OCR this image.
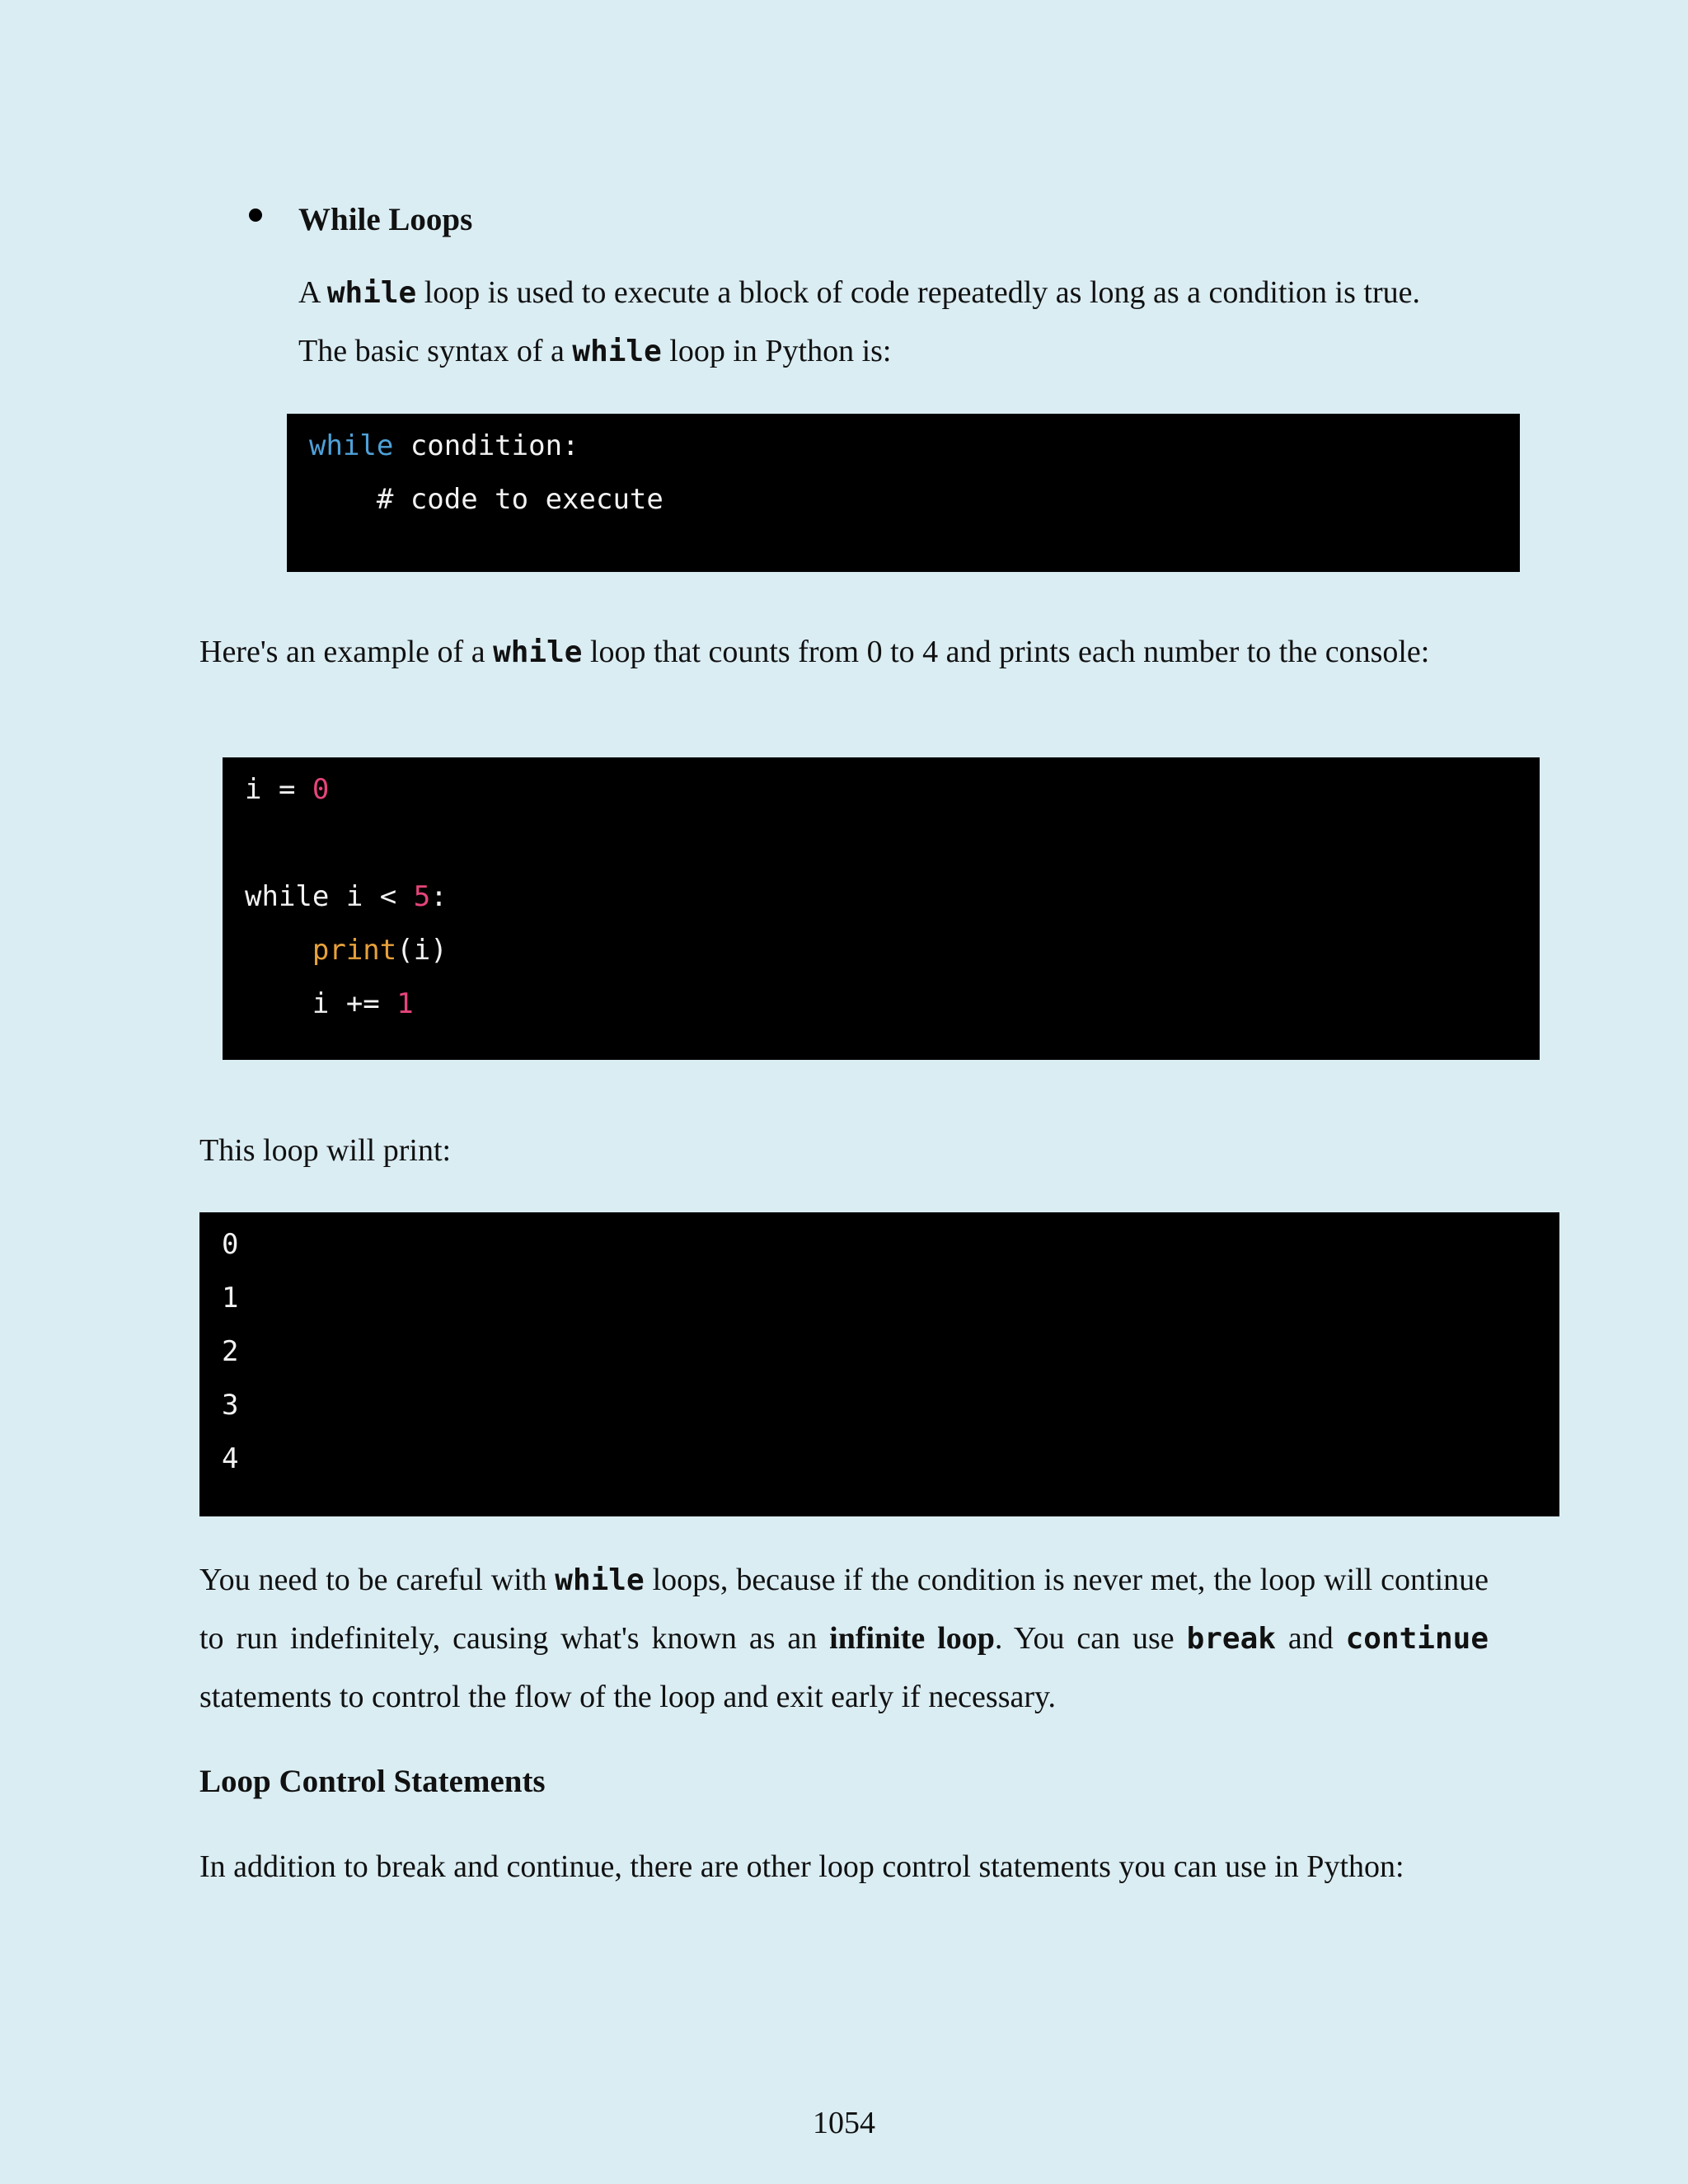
While Loops
A while loop is used to execute a block of code repeatedly as long as a condition is true.
The basic syntax of a while loop in Python is:
while condition:
# code to execute
Here's an example of a while loop that counts from 0 to 4 and prints each number to the console:
i = 0

while i < 5:
print(i)
i += 1
This loop will print:
0
1
2
3
4
You need to be careful with while loops, because if the condition is never met, the loop will continue to run indefinitely, causing what's known as an infinite loop. You can use break and continue statements to control the flow of the loop and exit early if necessary.
Loop Control Statements
In addition to break and continue, there are other loop control statements you can use in Python:
1054
